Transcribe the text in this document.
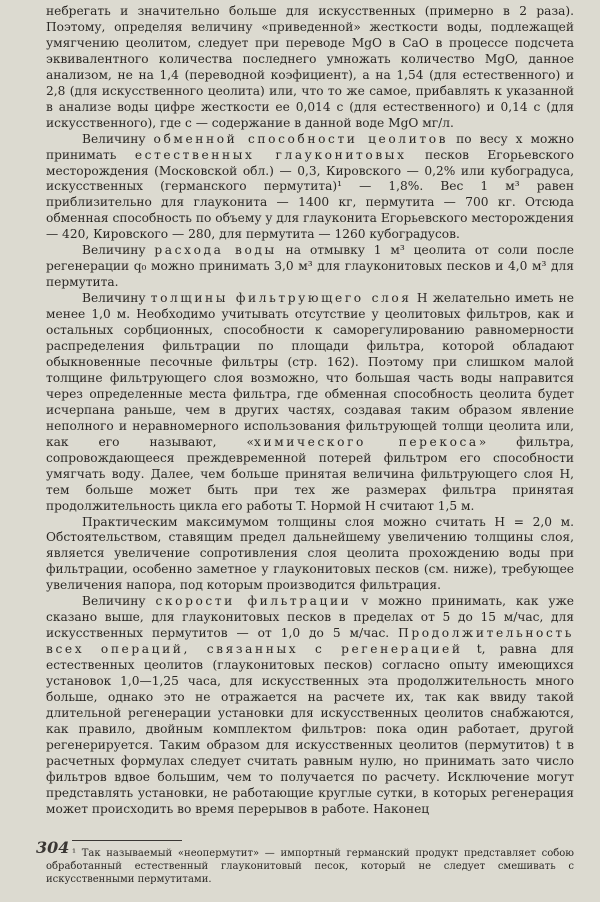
небрегать и значительно больше для искусственных (примерно в 2 раза). Поэтому, определяя величину «приведенной» жесткости воды, подлежащей умягчению цеолитом, следует при переводе MgO в CaO в процессе подсчета эквивалентного количества последнего умножать количество MgO, данное анализом, не на 1,4 (переводной коэфициент), а на 1,54 (для естественного) и 2,8 (для искусственного цеолита) или, что то же самое, прибавлять к указанной в анализе воды цифре жесткости ее 0,014 c (для естественного) и 0,14 c (для искусственного), где c — содержание в данной воде MgO мг/л.

Величину обменной способности цеолитов по весу x можно принимать естественных глауконитовых песков Егорьевского месторождения (Московской обл.) — 0,3, Кировского — 0,2% или кубоградуса, искусственных (германского пермутита)¹ — 1,8%. Вес 1 м³ равен приблизительно для глауконита — 1400 кг, пермутита — 700 кг. Отсюда обменная способность по объему y для глауконита Егорьевского месторождения — 420, Кировского — 280, для пермутита — 1260 кубоградусов.

Величину расхода воды на отмывку 1 м³ цеолита от соли после регенерации q₀ можно принимать 3,0 м³ для глауконитовых песков и 4,0 м³ для пермутита.

Величину толщины фильтрующего слоя H желательно иметь не менее 1,0 м. Необходимо учитывать отсутствие у цеолитовых фильтров, как и остальных сорбционных, способности к саморегулированию равномерности распределения фильтрации по площади фильтра, которой обладают обыкновенные песочные фильтры (стр. 162). Поэтому при слишком малой толщине фильтрующего слоя возможно, что большая часть воды направится через определенные места фильтра, где обменная способность цеолита будет исчерпана раньше, чем в других частях, создавая таким образом явление неполного и неравномерного использования фильтрующей толщи цеолита или, как его называют, «химического перекоса» фильтра, сопровождающееся преждевременной потерей фильтром его способности умягчать воду. Далее, чем больше принятая величина фильтрующего слоя H, тем больше может быть при тех же размерах фильтра принятая продолжительность цикла его работы T. Нормой H считают 1,5 м.

Практическим максимумом толщины слоя можно считать H = 2,0 м. Обстоятельством, ставящим предел дальнейшему увеличению толщины слоя, является увеличение сопротивления слоя цеолита прохождению воды при фильтрации, особенно заметное у глауконитовых песков (см. ниже), требующее увеличения напора, под которым производится фильтрация.

Величину скорости фильтрации v можно принимать, как уже сказано выше, для глауконитовых песков в пределах от 5 до 15 м/час, для искусственных пермутитов — от 1,0 до 5 м/час. Продолжительность всех операций, связанных с регенерацией t, равна для естественных цеолитов (глауконитовых песков) согласно опыту имеющихся установок 1,0—1,25 часа, для искусственных эта продолжительность много больше, однако это не отражается на расчете их, так как ввиду такой длительной регенерации установки для искусственных цеолитов снабжаются, как правило, двойным комплектом фильтров: пока один работает, другой регенерируется. Таким образом для искусственных цеолитов (пермутитов) t в расчетных формулах следует считать равным нулю, но принимать зато число фильтров вдвое большим, чем то получается по расчету. Исключение могут представлять установки, не работающие круглые сутки, в которых регенерация может происходить во время перерывов в работе. Наконец

¹ Так называемый «неопермутит» — импортный германский продукт представляет собою обработанный естественный глауконитовый песок, который не следует смешивать с искусственными пермутитами.

304
